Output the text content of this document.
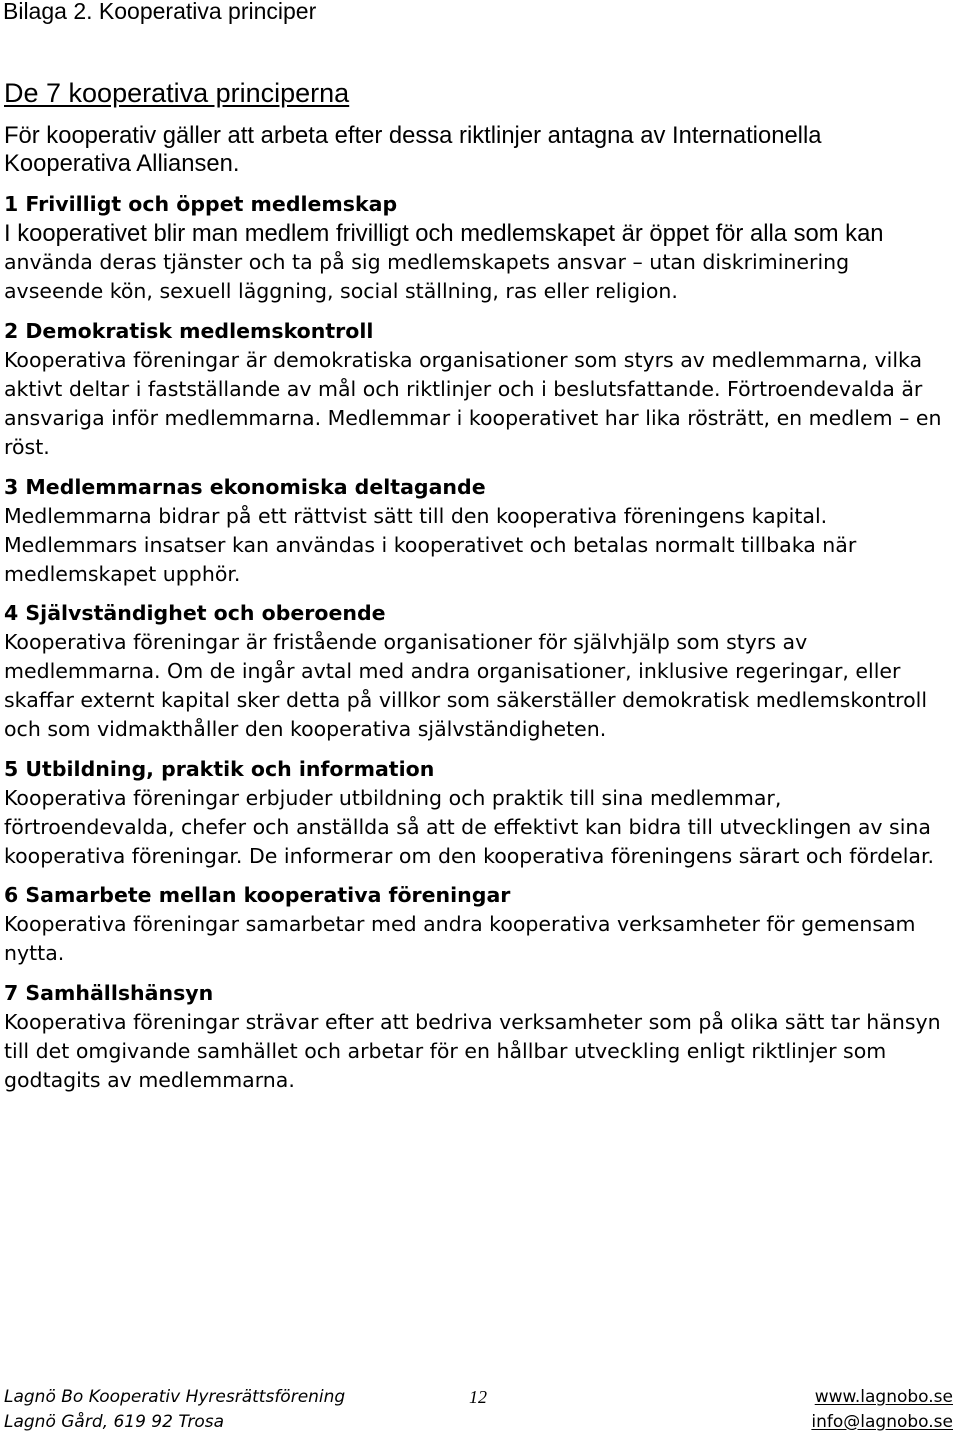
Bilaga 2. Kooperativa principer
De 7 kooperativa principerna
För kooperativ gäller att arbeta efter dessa riktlinjer antagna av Internationella
Kooperativa Alliansen.
1 Frivilligt och öppet medlemskap
I kooperativet blir man medlem frivilligt och medlemskapet är öppet för alla som kan
använda deras tjänster och ta på sig medlemskapets ansvar – utan diskriminering
avseende kön, sexuell läggning, social ställning, ras eller religion.
2 Demokratisk medlemskontroll
Kooperativa föreningar är demokratiska organisationer som styrs av medlemmarna, vilka
aktivt deltar i fastställande av mål och riktlinjer och i beslutsfattande. Förtroendevalda är
ansvariga inför medlemmarna. Medlemmar i kooperativet har lika rösträtt, en medlem – en
röst.
3 Medlemmarnas ekonomiska deltagande
Medlemmarna bidrar på ett rättvist sätt till den kooperativa föreningens kapital.
Medlemmars insatser kan användas i kooperativet och betalas normalt tillbaka när
medlemskapet upphör.
4 Självständighet och oberoende
Kooperativa föreningar är fristående organisationer för självhjälp som styrs av
medlemmarna. Om de ingår avtal med andra organisationer, inklusive regeringar, eller
skaffar externt kapital sker detta på villkor som säkerställer demokratisk medlemskontroll
och som vidmakthåller den kooperativa självständigheten.
5 Utbildning, praktik och information
Kooperativa föreningar erbjuder utbildning och praktik till sina medlemmar,
förtroendevalda, chefer och anställda så att de effektivt kan bidra till utvecklingen av sina
kooperativa föreningar. De informerar om den kooperativa föreningens särart och fördelar.
6 Samarbete mellan kooperativa föreningar
Kooperativa föreningar samarbetar med andra kooperativa verksamheter för gemensam
nytta.
7 Samhällshänsyn
Kooperativa föreningar strävar efter att bedriva verksamheter som på olika sätt tar hänsyn
till det omgivande samhället och arbetar för en hållbar utveckling enligt riktlinjer som
godtagits av medlemmarna.
Lagnö Bo Kooperativ Hyresrättsförening
Lagnö Gård, 619 92 Trosa
12	www.lagnobo.se
info@lagnobo.se
